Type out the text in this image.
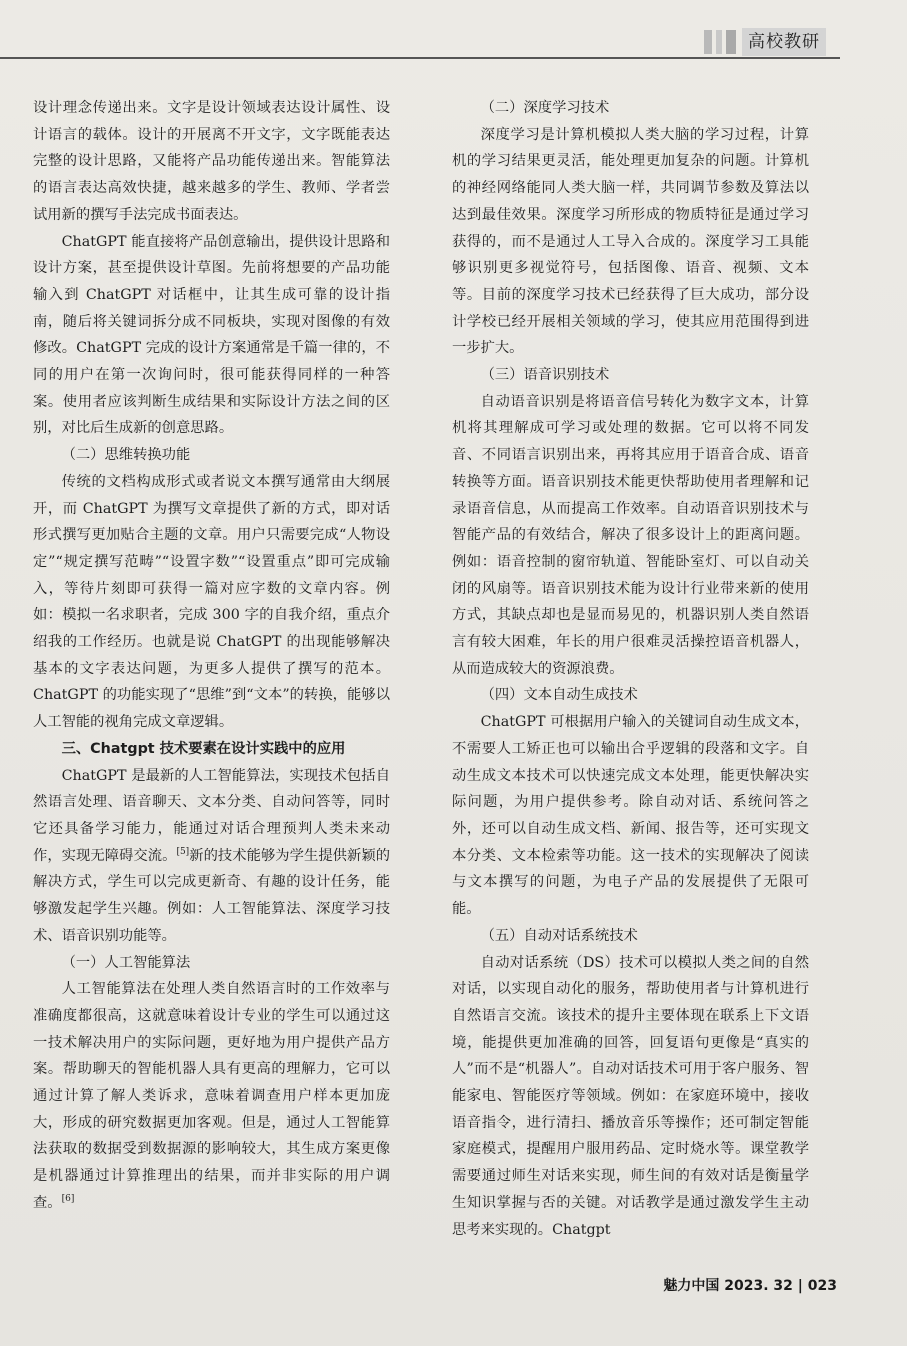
高校教研

设计理念传递出来。文字是设计领域表达设计属性、设计语言的载体。设计的开展离不开文字，文字既能表达完整的设计思路，又能将产品功能传递出来。智能算法的语言表达高效快捷，越来越多的学生、教师、学者尝试用新的撰写手法完成书面表达。

ChatGPT 能直接将产品创意输出，提供设计思路和设计方案，甚至提供设计草图。先前将想要的产品功能输入到 ChatGPT 对话框中，让其生成可靠的设计指南，随后将关键词拆分成不同板块，实现对图像的有效修改。ChatGPT 完成的设计方案通常是千篇一律的，不同的用户在第一次询问时，很可能获得同样的一种答案。使用者应该判断生成结果和实际设计方法之间的区别，对比后生成新的创意思路。

（二）思维转换功能

传统的文档构成形式或者说文本撰写通常由大纲展开，而 ChatGPT 为撰写文章提供了新的方式，即对话形式撰写更加贴合主题的文章。用户只需要完成“人物设定”“规定撰写范畴”“设置字数”“设置重点”即可完成输入，等待片刻即可获得一篇对应字数的文章内容。例如：模拟一名求职者，完成 300 字的自我介绍，重点介绍我的工作经历。也就是说 ChatGPT 的出现能够解决基本的文字表达问题，为更多人提供了撰写的范本。ChatGPT 的功能实现了“思维”到“文本”的转换，能够以人工智能的视角完成文章逻辑。

三、Chatgpt 技术要素在设计实践中的应用

ChatGPT 是最新的人工智能算法，实现技术包括自然语言处理、语音聊天、文本分类、自动问答等，同时它还具备学习能力，能通过对话合理预判人类未来动作，实现无障碍交流。[5]新的技术能够为学生提供新颖的解决方式，学生可以完成更新奇、有趣的设计任务，能够激发起学生兴趣。例如：人工智能算法、深度学习技术、语音识别功能等。

（一）人工智能算法

人工智能算法在处理人类自然语言时的工作效率与准确度都很高，这就意味着设计专业的学生可以通过这一技术解决用户的实际问题，更好地为用户提供产品方案。帮助聊天的智能机器人具有更高的理解力，它可以通过计算了解人类诉求，意味着调查用户样本更加庞大，形成的研究数据更加客观。但是，通过人工智能算法获取的数据受到数据源的影响较大，其生成方案更像是机器通过计算推理出的结果，而并非实际的用户调查。[6]

（二）深度学习技术

深度学习是计算机模拟人类大脑的学习过程，计算机的学习结果更灵活，能处理更加复杂的问题。计算机的神经网络能同人类大脑一样，共同调节参数及算法以达到最佳效果。深度学习所形成的物质特征是通过学习获得的，而不是通过人工导入合成的。深度学习工具能够识别更多视觉符号，包括图像、语音、视频、文本等。目前的深度学习技术已经获得了巨大成功，部分设计学校已经开展相关领域的学习，使其应用范围得到进一步扩大。

（三）语音识别技术

自动语音识别是将语音信号转化为数字文本，计算机将其理解成可学习或处理的数据。它可以将不同发音、不同语言识别出来，再将其应用于语音合成、语音转换等方面。语音识别技术能更快帮助使用者理解和记录语音信息，从而提高工作效率。自动语音识别技术与智能产品的有效结合，解决了很多设计上的距离问题。例如：语音控制的窗帘轨道、智能卧室灯、可以自动关闭的风扇等。语音识别技术能为设计行业带来新的使用方式，其缺点却也是显而易见的，机器识别人类自然语言有较大困难，年长的用户很难灵活操控语音机器人，从而造成较大的资源浪费。

（四）文本自动生成技术

ChatGPT 可根据用户输入的关键词自动生成文本，不需要人工矫正也可以输出合乎逻辑的段落和文字。自动生成文本技术可以快速完成文本处理，能更快解决实际问题，为用户提供参考。除自动对话、系统问答之外，还可以自动生成文档、新闻、报告等，还可实现文本分类、文本检索等功能。这一技术的实现解决了阅读与文本撰写的问题，为电子产品的发展提供了无限可能。

（五）自动对话系统技术

自动对话系统（DS）技术可以模拟人类之间的自然对话，以实现自动化的服务，帮助使用者与计算机进行自然语言交流。该技术的提升主要体现在联系上下文语境，能提供更加准确的回答，回复语句更像是“真实的人”而不是“机器人”。自动对话技术可用于客户服务、智能家电、智能医疗等领域。例如：在家庭环境中，接收语音指令，进行清扫、播放音乐等操作；还可制定智能家庭模式，提醒用户服用药品、定时烧水等。课堂教学需要通过师生对话来实现，师生间的有效对话是衡量学生知识掌握与否的关键。对话教学是通过激发学生主动思考来实现的。Chatgpt

魅力中国 2023. 32 | 023
